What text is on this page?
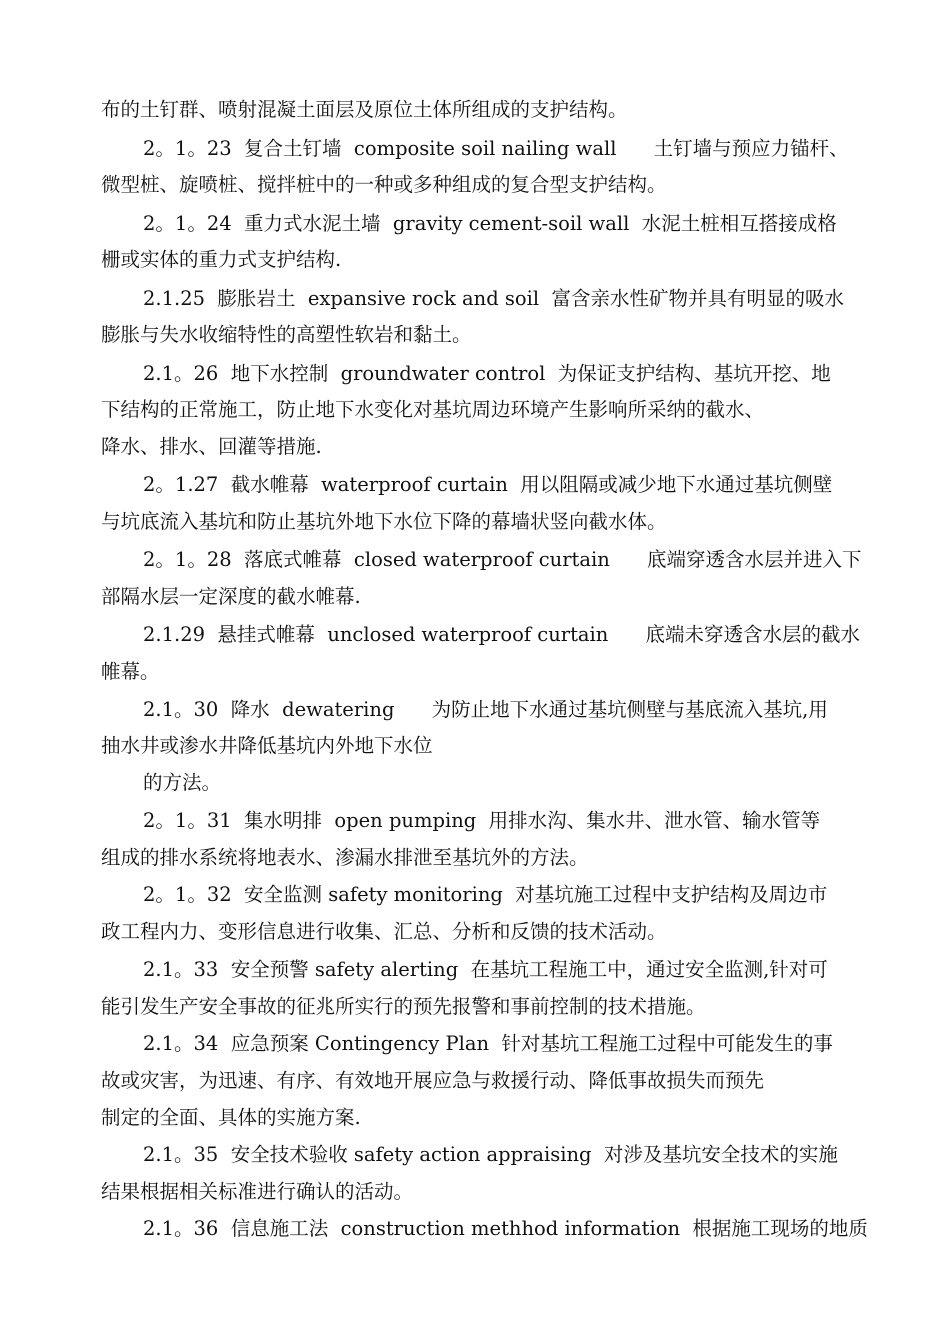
布的土钉群、喷射混凝土面层及原位土体所组成的支护结构。
2。1。23  复合土钉墙  composite soil nailing wall      土钉墙与预应力锚杆、
微型桩、旋喷桩、搅拌桩中的一种或多种组成的复合型支护结构。
2。1。24  重力式水泥土墙  gravity cement-soil wall  水泥土桩相互搭接成格
栅或实体的重力式支护结构.
2.1.25  膨胀岩土  expansive rock and soil  富含亲水性矿物并具有明显的吸水
膨胀与失水收缩特性的高塑性软岩和黏土。
2.1。26  地下水控制  groundwater control  为保证支护结构、基坑开挖、地
下结构的正常施工，防止地下水变化对基坑周边环境产生影响所采纳的截水、
降水、排水、回灌等措施.
2。1.27  截水帷幕  waterproof curtain  用以阻隔或减少地下水通过基坑侧壁
与坑底流入基坑和防止基坑外地下水位下降的幕墙状竖向截水体。
2。1。28  落底式帷幕  closed waterproof curtain      底端穿透含水层并进入下
部隔水层一定深度的截水帷幕.
2.1.29  悬挂式帷幕  unclosed waterproof curtain      底端未穿透含水层的截水
帷幕。
2.1。30  降水  dewatering      为防止地下水通过基坑侧壁与基底流入基坑,用
抽水井或渗水井降低基坑内外地下水位
的方法。
2。1。31  集水明排  open pumping  用排水沟、集水井、泄水管、输水管等
组成的排水系统将地表水、渗漏水排泄至基坑外的方法。
2。1。32  安全监测 safety monitoring  对基坑施工过程中支护结构及周边市
政工程内力、变形信息进行收集、汇总、分析和反馈的技术活动。
2.1。33  安全预警 safety alerting  在基坑工程施工中，通过安全监测,针对可
能引发生产安全事故的征兆所实行的预先报警和事前控制的技术措施。
2.1。34  应急预案 Contingency Plan  针对基坑工程施工过程中可能发生的事
故或灾害，为迅速、有序、有效地开展应急与救援行动、降低事故损失而预先
制定的全面、具体的实施方案.
2.1。35  安全技术验收 safety action appraising  对涉及基坑安全技术的实施
结果根据相关标准进行确认的活动。
2.1。36  信息施工法  construction methhod information  根据施工现场的地质
